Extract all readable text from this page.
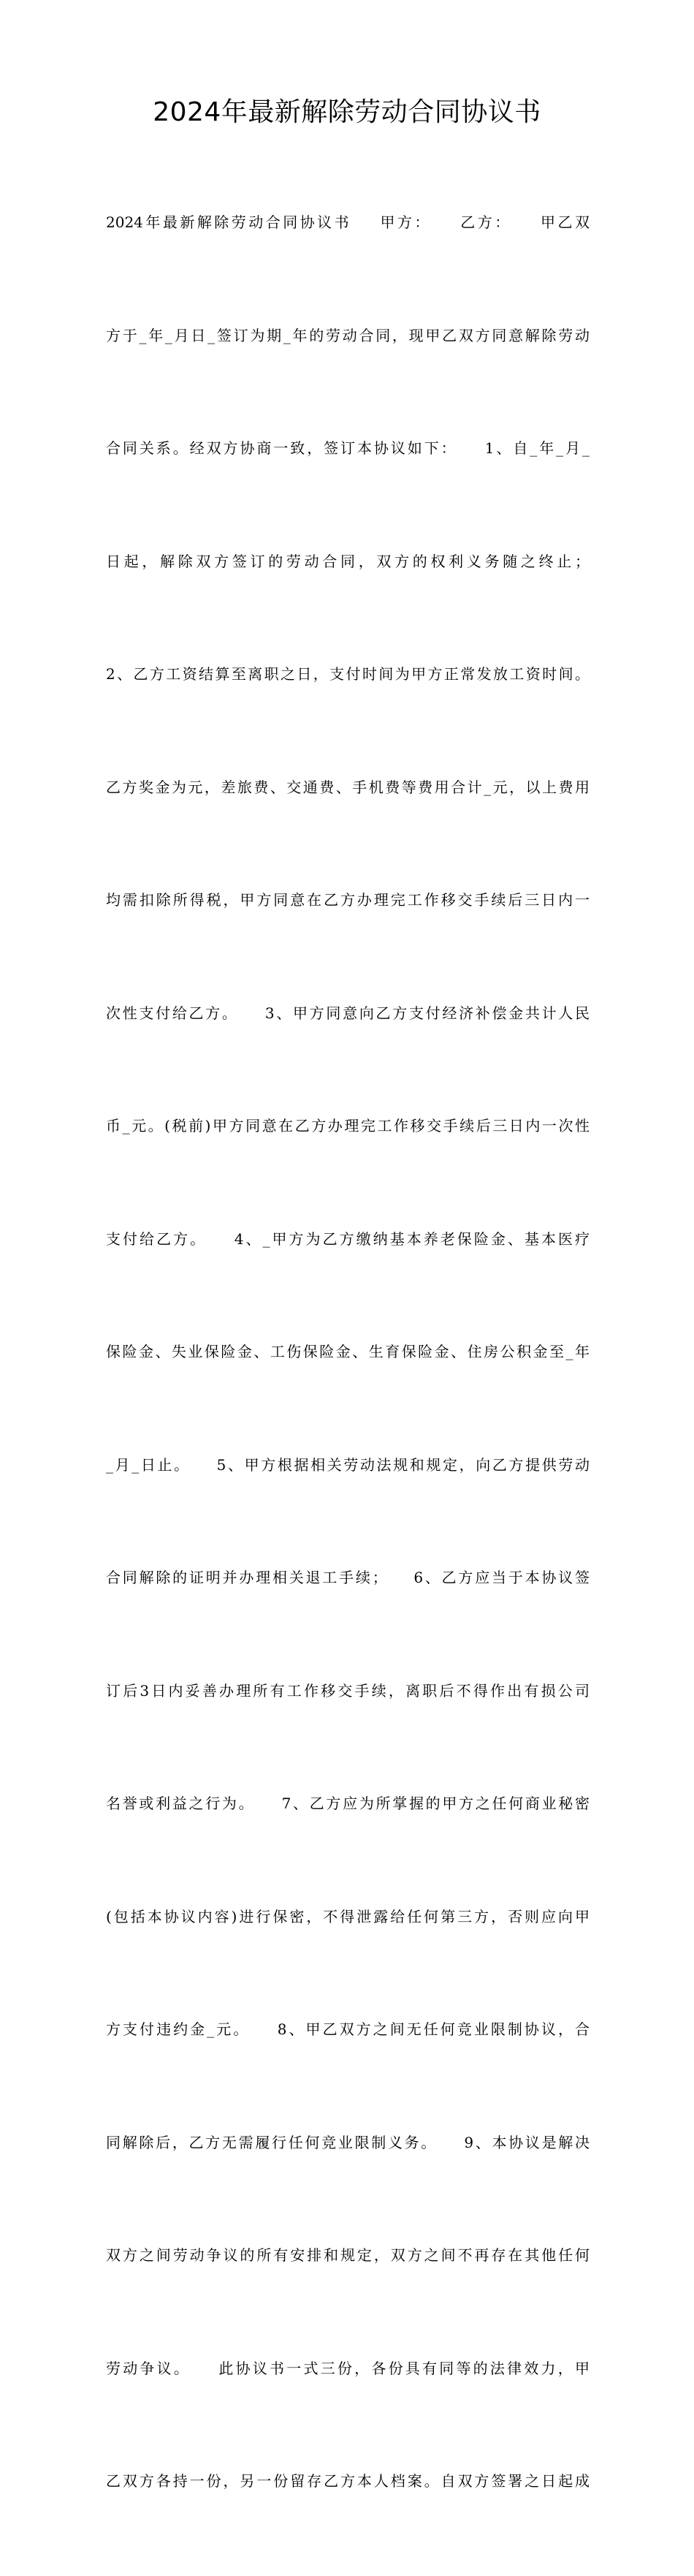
2024年最新解除劳动合同协议书

2024年最新解除劳动合同协议书    甲方：    乙方：    甲乙双

方于_年_月日_签订为期_年的劳动合同，现甲乙双方同意解除劳动

合同关系。经双方协商一致，签订本协议如下：    1、自_年_月_

日起，解除双方签订的劳动合同，双方的权利义务随之终止；

2、乙方工资结算至离职之日，支付时间为甲方正常发放工资时间。

乙方奖金为元，差旅费、交通费、手机费等费用合计_元，以上费用

均需扣除所得税，甲方同意在乙方办理完工作移交手续后三日内一

次性支付给乙方。    3、甲方同意向乙方支付经济补偿金共计人民

币_元。(税前)甲方同意在乙方办理完工作移交手续后三日内一次性

支付给乙方。    4、_甲方为乙方缴纳基本养老保险金、基本医疗

保险金、失业保险金、工伤保险金、生育保险金、住房公积金至_年

_月_日止。    5、甲方根据相关劳动法规和规定，向乙方提供劳动

合同解除的证明并办理相关退工手续；    6、乙方应当于本协议签

订后3日内妥善办理所有工作移交手续，离职后不得作出有损公司

名誉或利益之行为。    7、乙方应为所掌握的甲方之任何商业秘密

(包括本协议内容)进行保密，不得泄露给任何第三方，否则应向甲

方支付违约金_元。    8、甲乙双方之间无任何竞业限制协议，合

同解除后，乙方无需履行任何竞业限制义务。    9、本协议是解决

双方之间劳动争议的所有安排和规定，双方之间不再存在其他任何

劳动争议。    此协议书一式三份，各份具有同等的法律效力，甲

乙双方各持一份，另一份留存乙方本人档案。自双方签署之日起成
